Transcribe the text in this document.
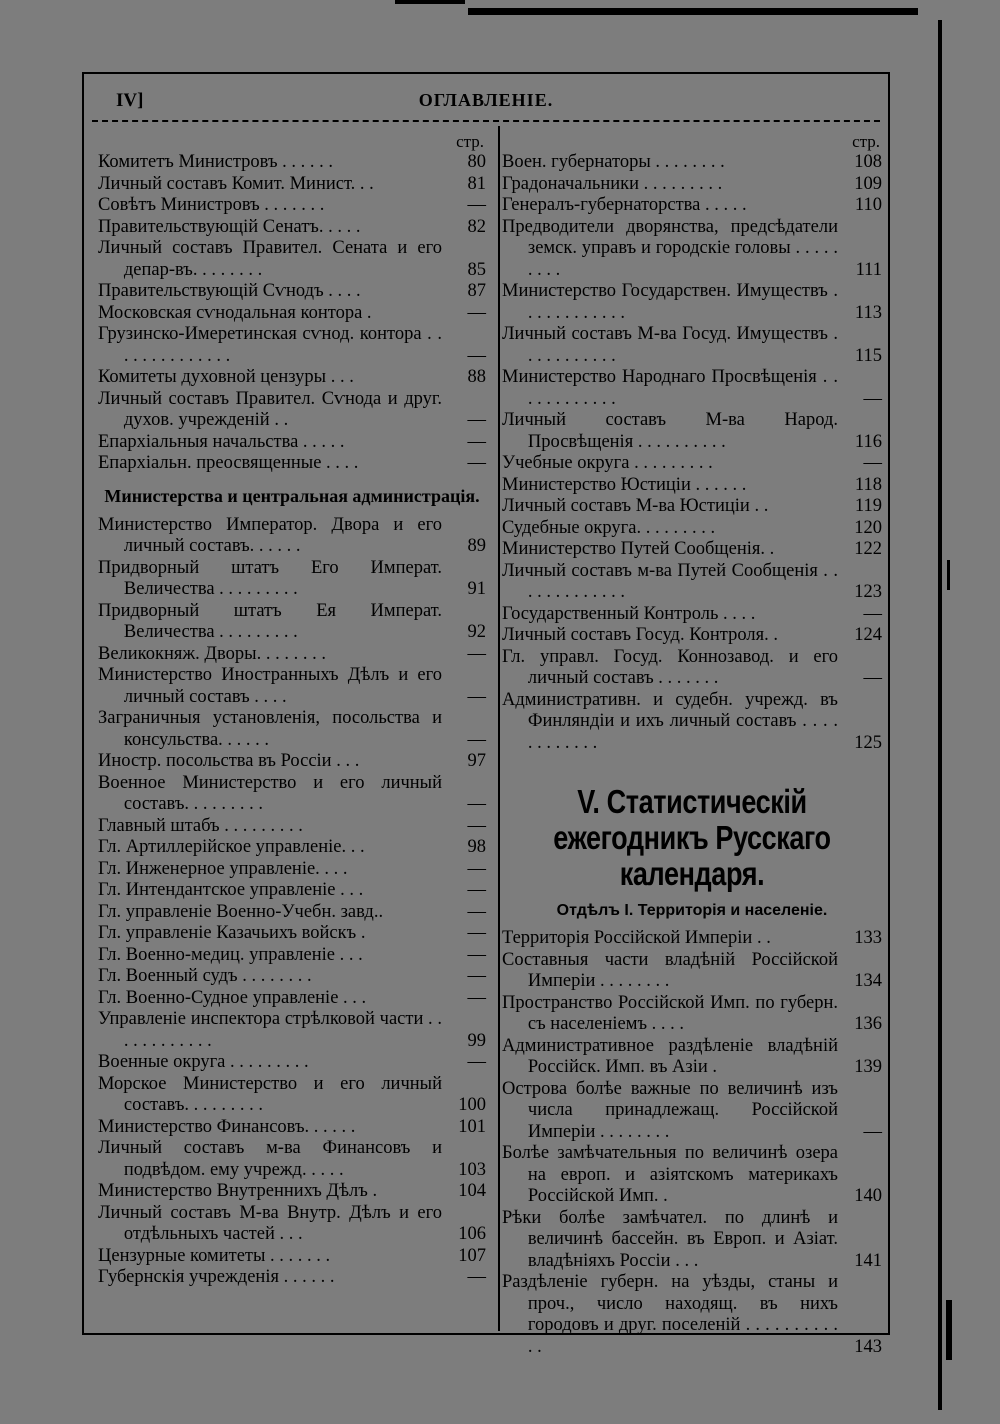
IV]	ОГЛАВЛЕНІЕ.
стр.
Комитетъ Министровъ . . . . . .	80
Личный составъ Комит. Минист. . .	81
Совѣтъ Министровъ . . . . . . .	—
Правительствующій Сенатъ. . . . .	82
Личный составъ Правител. Сената и его депар-въ. . . . . . . .	85
Правительствующій Сѵнодъ . . . .	87
Московская сѵнодальная контора .	—
Грузинско-Имеретинская сѵнод. контора . . . . . . . . . . . . . .	—
Комитеты духовной цензуры . . .	88
Личный составъ Правител. Сѵнода и друг. духов. учрежденій . .	—
Епархіальныя начальства . . . . .	—
Епархіальн. преосвященные . . . .	—
Министерства и центральная администрація.
Министерство Император. Двора и его личный составъ. . . . . .	89
Придворный штатъ Его Императ. Величества . . . . . . . . .	91
Придворный штатъ Ея Императ. Величества . . . . . . . . .	92
Великокняж. Дворы. . . . . . . .	—
Министерство Иностранныхъ Дѣлъ и его личный составъ . . . .	—
Заграничныя установленія, посольства и консульства. . . . . .	—
Иностр. посольства въ Россіи . . .	97
Военное Министерство и его личный составъ. . . . . . . . .	—
Главный штабъ . . . . . . . . .	—
Гл. Артиллерійское управленіе. . .	98
Гл. Инженерное управленіе. . . .	—
Гл. Интендантское управленіе . . .	—
Гл. управленіе Военно-Учебн. завд..	—
Гл. управленіе Казачьихъ войскъ .	—
Гл. Военно-медиц. управленіе . . .	—
Гл. Военный судъ . . . . . . . .	—
Гл. Военно-Судное управленіе . . .	—
Управленіе инспектора стрѣлковой части . . . . . . . . . . . .	99
Военные округа . . . . . . . . .	—
Морское Министерство и его личный составъ. . . . . . . . .	100
Министерство Финансовъ. . . . . .	101
Личный составъ м-ва Финансовъ и подвѣдом. ему учрежд. . . . .	103
Министерство Внутреннихъ Дѣлъ .	104
Личный составъ М-ва Внутр. Дѣлъ и его отдѣльныхъ частей . . .	106
Цензурные комитеты . . . . . . .	107
Губернскія учрежденія . . . . . .	—
стр.
Воен. губернаторы . . . . . . . .	108
Градоначальники . . . . . . . . .	109
Генералъ-губернаторства . . . . .	110
Предводители дворянства, предсѣдатели земск. управъ и городскіе головы . . . . . . . . .	111
Министерство Государствен. Имуществъ . . . . . . . . . . . .	113
Личный составъ М-ва Госуд. Имуществъ . . . . . . . . . . .	115
Министерство Народнаго Просвѣщенія . . . . . . . . . . . .	—
Личный составъ М-ва Народ. Просвѣщенія . . . . . . . . . .	116
Учебные округа . . . . . . . . .	—
Министерство Юстиціи . . . . . .	118
Личный составъ М-ва Юстиціи . .	119
Судебные округа. . . . . . . . .	120
Министерство Путей Сообщенія. .	122
Личный составъ м-ва Путей Сообщенія . . . . . . . . . . . . .	123
Государственный Контроль . . . .	—
Личный составъ Госуд. Контроля. .	124
Гл. управл. Госуд. Коннозавод. и его личный составъ . . . . . . .	—
Административн. и судебн. учрежд. въ Финляндіи и ихъ личный составъ . . . . . . . . . . . .	125
V. Статистическій ежегодникъ Русскаго календаря.
Отдѣлъ I. Территорія и населеніе.
Территорія Россійской Имперіи . .	133
Составныя части владѣній Россійской Имперіи . . . . . . . .	134
Пространство Россійской Имп. по губерн. съ населеніемъ . . . .	136
Административное раздѣленіе владѣній Россійск. Имп. въ Азіи .	139
Острова болѣе важные по величинѣ изъ числа принадлежащ. Россійской Имперіи . . . . . . . .	—
Болѣе замѣчательныя по величинѣ озера на европ. и азіятскомъ материкахъ Россійской Имп. .	140
Рѣки болѣе замѣчател. по длинѣ и величинѣ бассейн. въ Европ. и Азіат. владѣніяхъ Россіи . . .	141
Раздѣленіе губерн. на уѣзды, станы и проч., число находящ. въ нихъ городовъ и друг. поселеній . . . . . . . . . . . .	143
